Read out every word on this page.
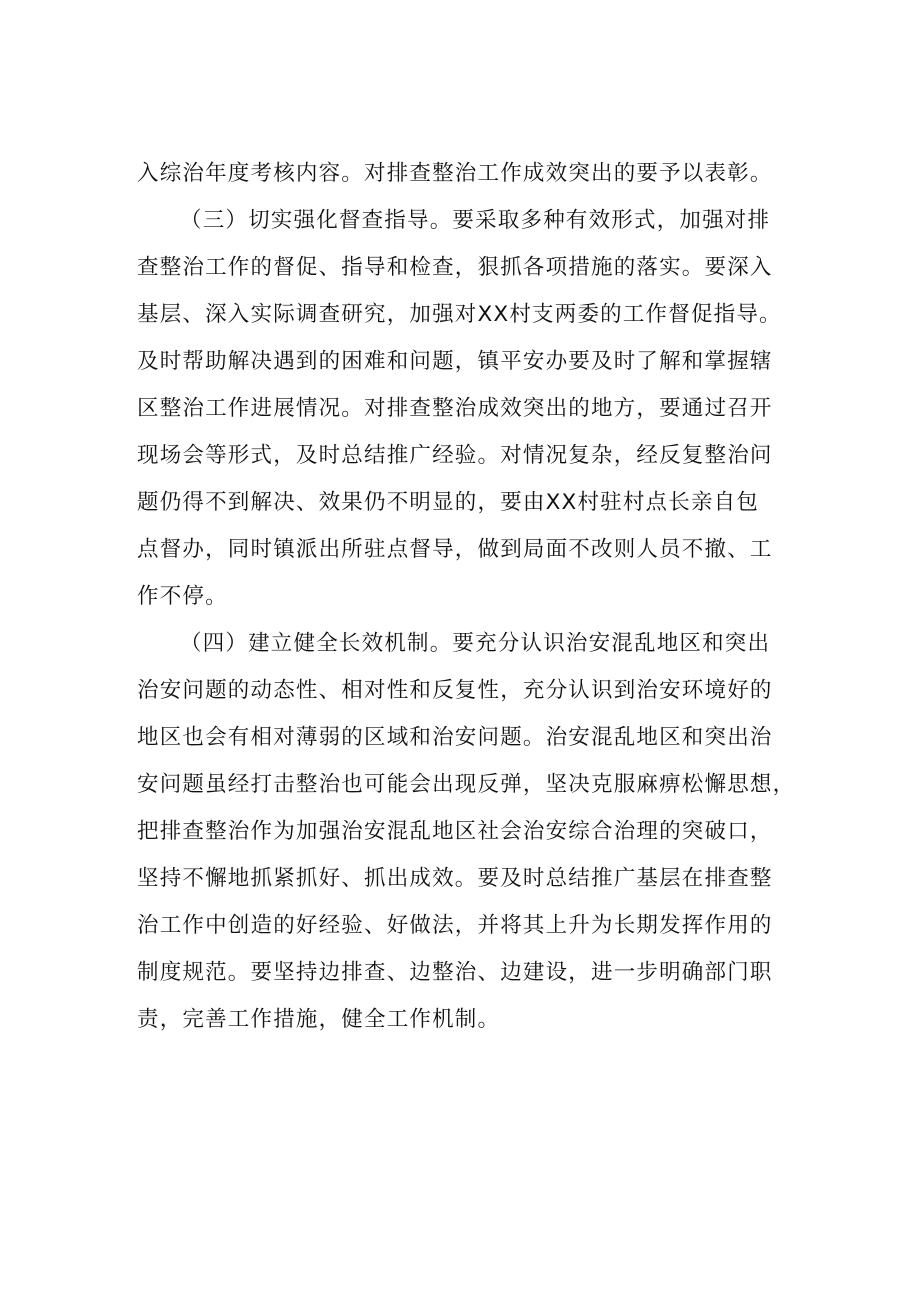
入综治年度考核内容。对排查整治工作成效突出的要予以表彰。
（三）切实强化督查指导。要采取多种有效形式，加强对排
查整治工作的督促、指导和检查，狠抓各项措施的落实。要深入
基层、深入实际调查研究，加强对XX村支两委的工作督促指导。
及时帮助解决遇到的困难和问题，镇平安办要及时了解和掌握辖
区整治工作进展情况。对排查整治成效突出的地方，要通过召开
现场会等形式，及时总结推广经验。对情况复杂，经反复整治问
题仍得不到解决、效果仍不明显的，要由XX村驻村点长亲自包
点督办，同时镇派出所驻点督导，做到局面不改则人员不撤、工
作不停。
（四）建立健全长效机制。要充分认识治安混乱地区和突出
治安问题的动态性、相对性和反复性，充分认识到治安环境好的
地区也会有相对薄弱的区域和治安问题。治安混乱地区和突出治
安问题虽经打击整治也可能会出现反弹，坚决克服麻痹松懈思想，
把排查整治作为加强治安混乱地区社会治安综合治理的突破口，
坚持不懈地抓紧抓好、抓出成效。要及时总结推广基层在排查整
治工作中创造的好经验、好做法，并将其上升为长期发挥作用的
制度规范。要坚持边排查、边整治、边建设，进一步明确部门职
责，完善工作措施，健全工作机制。
